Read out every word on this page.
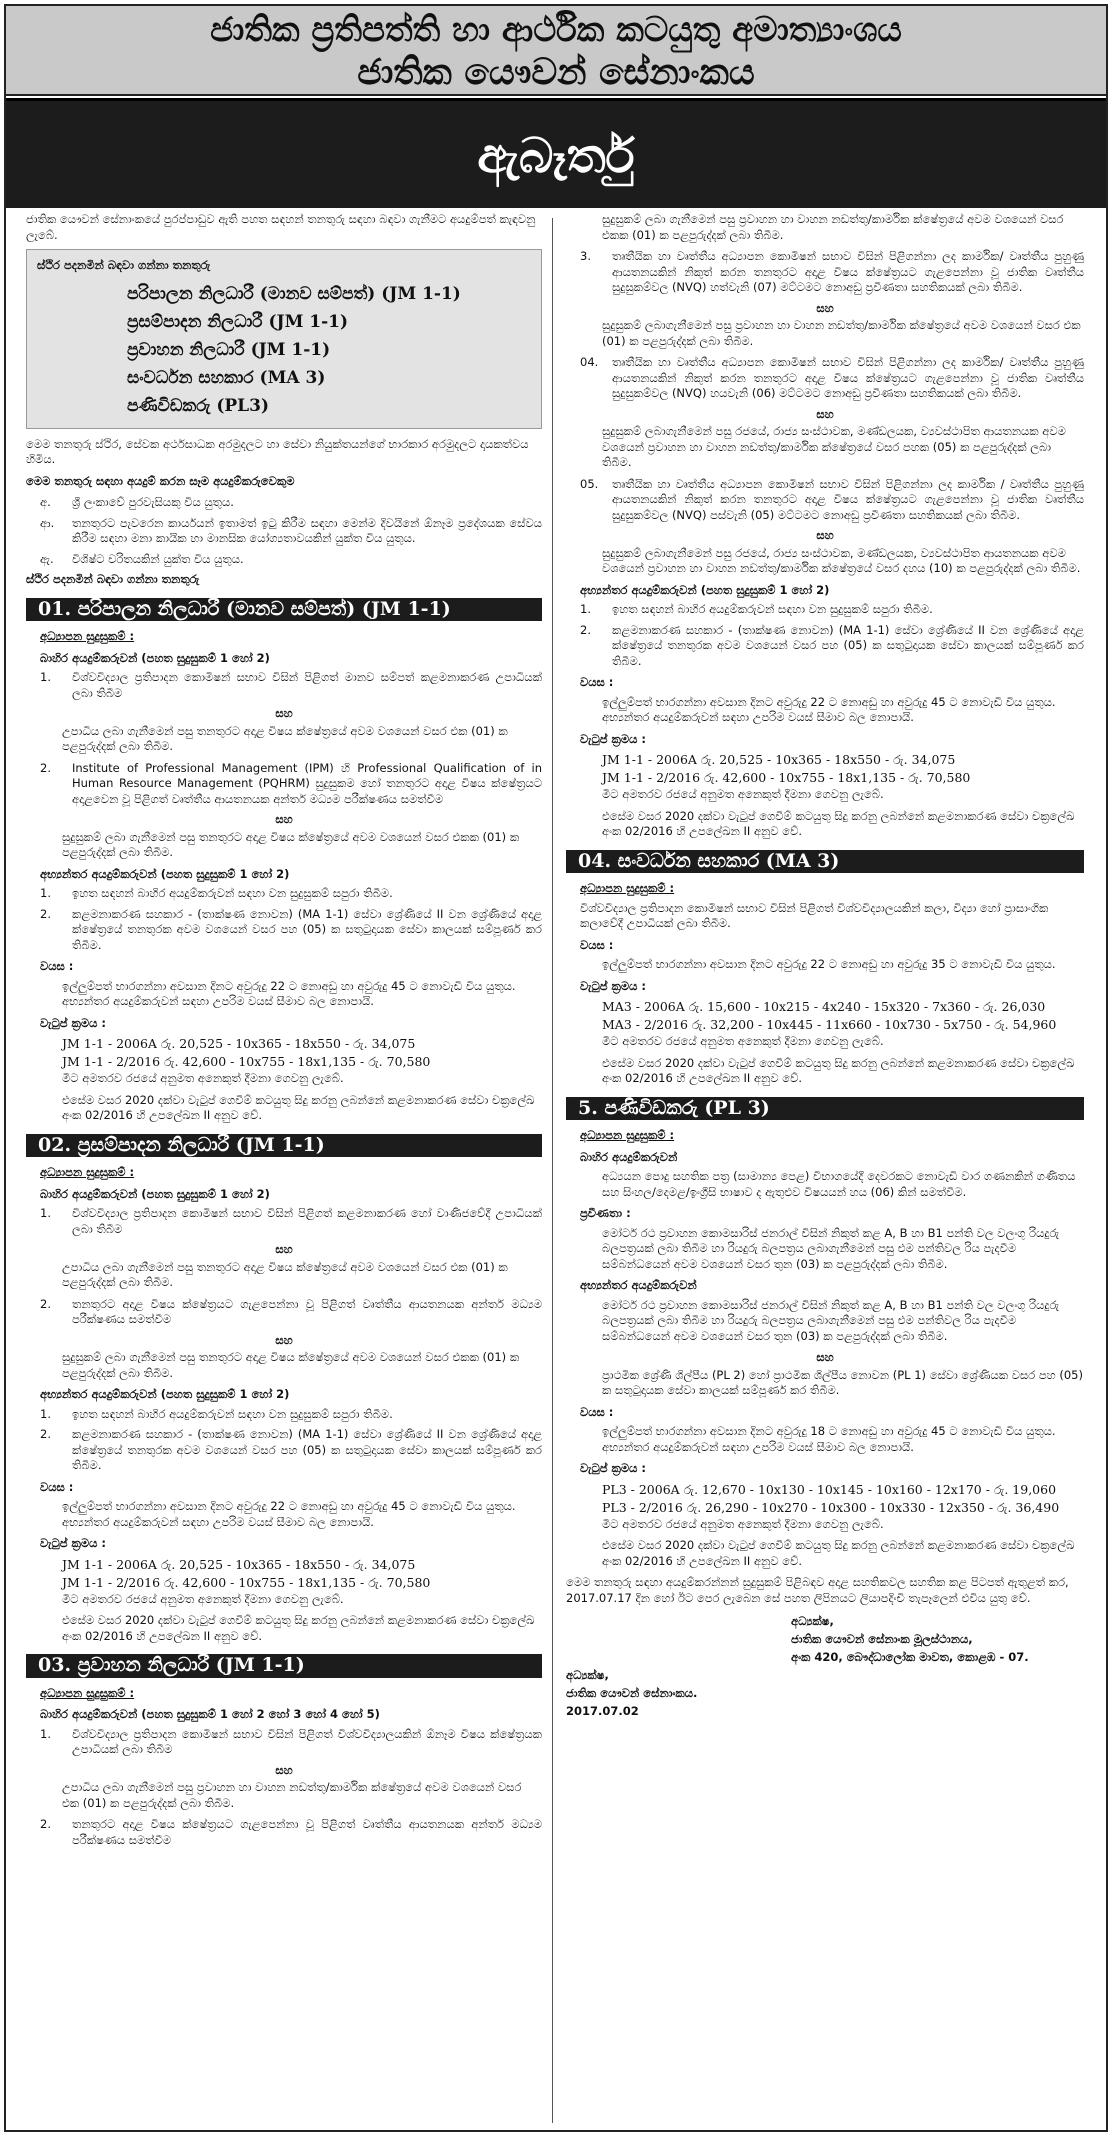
ජාතික ප්‍රතිපත්ති හා ආර්ථික කටයුතු අමාත්‍යාංශය
ජාතික යෞවන් සේනාංකය
ඇබෑර්තු

ජාතික යෞවන් සේනාංකයේ පුරප්පාඩුව ඇති පහත සඳහන් තනතුරු සඳහා බඳවා ගැනීමට අයදුම්පත් කැඳවනු ලැබේ.

ස්ථිර පදනමින් බඳවා ගන්නා තනතුරු
පරිපාලන නිලධාරී (මානව සම්පත්) (JM 1-1)
ප්‍රසම්පාදන නිලධාරී (JM 1-1)
ප්‍රවාහන නිලධාරී (JM 1-1)
සංවර්ධන සහකාර (MA 3)
පණිවිඩකරු (PL3)

මෙම තනතුරු ස්ථිර, සේවක අර්ථසාධක අරමුදලට හා සේවා නියුක්තයන්ගේ භාරකාර අරමුදලට දායකත්වය හිමිය.

මෙම තනතුරු සඳහා අයදුම් කරන සෑම අයදුම්කරුවෙකුම

අ.	ශ්‍රී ලංකාවේ පුරවැසියකු විය යුතුය.
ආ.	තනතුරට පැවරෙන කාර්යයන් ඉතාමත් ඉටු කිරීම සඳහා මෙන්ම දිවයිනේ ඕනෑම ප්‍රදේශයක සේවය කිරීම සඳහා මනා කායික හා මානසික යෝග්‍යතාවයකින් යුක්ත විය යුතුය.
ඇ.	විශිෂ්ට චරිතයකින් යුක්ත විය යුතුය.

ස්ථිර පදනමින් බඳවා ගන්නා තනතුරු

01. පරිපාලන නිලධාරී (මානව සම්පත්) (JM 1-1)
අධ්‍යාපන සුදුසුකම් :
බාහිර අයදුම්කරුවන් (පහත සුදුසුකම් 1 හෝ 2)
1.	විශ්වවිද්‍යාල ප්‍රතිපාදන කොමිෂන් සභාව විසින් පිළිගත් මානව සම්පත් කළමනාකරණ උපාධියක් ලබා තිබීම
සහ

උපාධිය ලබා ගැනීමෙන් පසු තනතුරට අදාළ විෂය ක්ෂේත්‍රයේ අවම වශයෙන් වසර එක (01) ක පළපුරුද්දක් ලබා තිබීම.

2.	Institute of Professional Management (IPM) හි Professional Qualification of in Human Resource Management (PQHRM) සුදුසුකම හෝ තනතුරට අදාළ විෂය ක්ෂේත්‍රයට අදාළවෙන වූ පිළිගත් වෘත්තීය ආයතනයක අන්තර් මධ්‍යම පරීක්ෂණය සමත්වීම
සහ

සුදුසුකම් ලබා ගැනීමෙන් පසු තනතුරට අදාළ විෂය ක්ෂේත්‍රයේ අවම වශයෙන් වසර එකක (01) ක පළපුරුද්දක් ලබා තිබීම.

අභ්‍යන්තර අයදුම්කරුවන් (පහත සුදුසුකම් 1 හෝ 2)
1.	ඉහත සඳහන් බාහිර අයදුම්කරුවන් සඳහා වන සුදුසුකම් සපුරා තිබීම.
2.	කළමනාකරණ සහකාර - (තාක්ෂණ නොවන) (MA 1-1) සේවා ශ්‍රේණියේ II වන ශ්‍රේණියේ අදාළ ක්ෂේත්‍රයේ තනතුරක අවම වශයෙන් වසර පහ (05) ක සතුටුදායක සේවා කාලයක් සම්පූර්ණ කර තිබීම.
වයස :

ඉල්ලුම්පත් භාරගන්නා අවසාන දිනට අවුරුදු 22 ට නොඅඩු හා අවුරුදු 45 ට නොවැඩි විය යුතුය. අභ්‍යන්තර අයදුම්කරුවන් සඳහා උපරිම වයස් සීමාව බල නොපායි.

වැටුප් ක්‍රමය :
JM 1-1 - 2006A රු. 20,525 - 10x365 - 18x550 - රු. 34,075
JM 1-1 - 2/2016 රු. 42,600 - 10x755 - 18x1,135 - රු. 70,580

මීට අමතරව රජයේ අනුමත අනෙකුත් දීමනා ගෙවනු ලැබේ.

එසේම වසර 2020 දක්වා වැටුප් ගෙවීම් කටයුතු සිදු කරනු ලබන්නේ කළමනාකරණ සේවා චක්‍රලේඛ අංක 02/2016 හි උපලේඛන II අනුව වේ.

02. ප්‍රසම්පාදන නිලධාරී (JM 1-1)
අධ්‍යාපන සුදුසුකම් :
බාහිර අයදුම්කරුවන් (පහත සුදුසුකම් 1 හෝ 2)
1.	විශ්වවිද්‍යාල ප්‍රතිපාදන කොමිෂන් සභාව විසින් පිළිගත් කළමනාකරණ හෝ වාණිජවේදී උපාධියක් ලබා තිබීම
සහ

උපාධිය ලබා ගැනීමෙන් පසු තනතුරට අදාළ විෂය ක්ෂේත්‍රයේ අවම වශයෙන් වසර එක (01) ක පළපුරුද්දක් ලබා තිබීම.

2.	තනතුරට අදාළ විෂය ක්ෂේත්‍රයට ගැළපෙන්නා වූ පිළිගත් වෘත්තීය ආයතනයක අන්තර් මධ්‍යම පරීක්ෂණය සමත්වීම
සහ

සුදුසුකම් ලබා ගැනීමෙන් පසු තනතුරට අදාළ විෂය ක්ෂේත්‍රයේ අවම වශයෙන් වසර එකක (01) ක පළපුරුද්දක් ලබා තිබීම.

අභ්‍යන්තර අයදුම්කරුවන් (පහත සුදුසුකම් 1 හෝ 2)
1.	ඉහත සඳහන් බාහිර අයදුම්කරුවන් සඳහා වන සුදුසුකම් සපුරා තිබීම.
2.	කළමනාකරණ සහකාර - (තාක්ෂණ නොවන) (MA 1-1) සේවා ශ්‍රේණියේ II වන ශ්‍රේණියේ අදාළ ක්ෂේත්‍රයේ තනතුරක අවම වශයෙන් වසර පහ (05) ක සතුටුදායක සේවා කාලයක් සම්පූර්ණ කර තිබීම.
වයස :

ඉල්ලුම්පත් භාරගන්නා අවසාන දිනට අවුරුදු 22 ට නොඅඩු හා අවුරුදු 45 ට නොවැඩි විය යුතුය. අභ්‍යන්තර අයදුම්කරුවන් සඳහා උපරිම වයස් සීමාව බල නොපායි.

වැටුප් ක්‍රමය :
JM 1-1 - 2006A රු. 20,525 - 10x365 - 18x550 - රු. 34,075
JM 1-1 - 2/2016 රු. 42,600 - 10x755 - 18x1,135 - රු. 70,580

මීට අමතරව රජයේ අනුමත අනෙකුත් දීමනා ගෙවනු ලැබේ.

එසේම වසර 2020 දක්වා වැටුප් ගෙවීම් කටයුතු සිදු කරනු ලබන්නේ කළමනාකරණ සේවා චක්‍රලේඛ අංක 02/2016 හි උපලේඛන II අනුව වේ.

03. ප්‍රවාහන නිලධාරී (JM 1-1)
අධ්‍යාපන සුදුසුකම් :
බාහිර අයදුම්කරුවන් (පහත සුදුසුකම් 1 හෝ 2 හෝ 3 හෝ 4 හෝ 5)
1.	විශ්වවිද්‍යාල ප්‍රතිපාදන කොමිෂන් සභාව විසින් පිළිගත් විශ්වවිද්‍යාලයකින් ඕනෑම විෂය ක්ෂේත්‍රයක උපාධියක් ලබා තිබීම
සහ

උපාධිය ලබා ගැනීමෙන් පසු ප්‍රවාහන හා වාහන නඩත්තු/කාර්මික ක්ෂේත්‍රයේ අවම වශයෙන් වසර එක (01) ක පළපුරුද්දක් ලබා තිබීම.

2.	තනතුරට අදාළ විෂය ක්ෂේත්‍රයට ගැළපෙන්නා වූ පිළිගත් වෘත්තීය ආයතනයක අන්තර් මධ්‍යම පරීක්ෂණය සමත්වීම

සුදුසුකම් ලබා ගැනීමෙන් පසු ප්‍රවාහන හා වාහන නඩත්තු/කාර්මික ක්ෂේත්‍රයේ අවම වශයෙන් වසර එකක (01) ක පළපුරුද්දක් ලබා තිබීම.

3.	තෘතීයික හා වෘත්තීය අධ්‍යාපන කොමිෂන් සභාව විසින් පිළිගන්නා ලද කාර්මික/ වෘත්තීය පුහුණු ආයතනයකින් නිකුත් කරන තනතුරට අදාළ විෂය ක්ෂේත්‍රයට ගැළපෙන්නා වූ ජාතික වෘත්තීය සුදුසුකම්වල (NVQ) හත්වැනි (07) මට්ටමට නොඅඩු ප්‍රවීණතා සහතිකයක් ලබා තිබීම.
සහ

සුදුසුකම් ලබාගැනීමෙන් පසු ප්‍රවාහන හා වාහන නඩත්තු/කාර්මික ක්ෂේත්‍රයේ අවම වශයෙන් වසර එක (01) ක පළපුරුද්දක් ලබා තිබීම.

04.	තෘතීයික හා වෘත්තීය අධ්‍යාපන කොමිෂන් සභාව විසින් පිළිගන්නා ලද කාර්මික/ වෘත්තීය පුහුණු ආයතනයකින් නිකුත් කරන තනතුරට අදාළ විෂය ක්ෂේත්‍රයට ගැළපෙන්නා වූ ජාතික වෘත්තීය සුදුසුකම්වල (NVQ) හයවැනි (06) මට්ටමට නොඅඩු ප්‍රවීණතා සහතිකයක් ලබා තිබීම.
සහ

සුදුසුකම් ලබාගැනීමෙන් පසු රජයේ, රාජ්‍ය සංස්ථාවක, මණ්ඩලයක, ව්‍යවස්ථාපිත ආයතනයක අවම වශයෙන් ප්‍රවාහන හා වාහන නඩත්තු/කාර්මික ක්ෂේත්‍රයේ වසර පහක (05) ක පළපුරුද්දක් ලබා තිබීම.

05.	තෘතීයික හා වෘත්තීය අධ්‍යාපන කොමිෂන් සභාව විසින් පිළිගන්නා ලද කාර්මික / වෘත්තීය පුහුණු ආයතනයකින් නිකුත් කරන තනතුරට අදාළ විෂය ක්ෂේත්‍රයට ගැළපෙන්නා වූ ජාතික වෘත්තීය සුදුසුකම්වල (NVQ) පස්වැනි (05) මට්ටමට නොඅඩු ප්‍රවීණතා සහතිකයක් ලබා තිබීම.
සහ

සුදුසුකම් ලබාගැනීමෙන් පසු රජයේ, රාජ්‍ය සංස්ථාවක, මණ්ඩලයක, ව්‍යවස්ථාපිත ආයතනයක අවම වශයෙන් ප්‍රවාහන හා වාහන නඩත්තු/කාර්මික ක්ෂේත්‍රයේ වසර දහය (10) ක පළපුරුද්දක් ලබා තිබීම.

අභ්‍යන්තර අයදුම්කරුවන් (පහත සුදුසුකම් 1 හෝ 2)
1.	ඉහත සඳහන් බාහිර අයදුම්කරුවන් සඳහා වන සුදුසුකම් සපුරා තිබීම.
2.	කළමනාකරණ සහකාර - (තාක්ෂණ නොවන) (MA 1-1) සේවා ශ්‍රේණියේ II වන ශ්‍රේණියේ අදාළ ක්ෂේත්‍රයේ තනතුරක අවම වශයෙන් වසර පහ (05) ක සතුටුදායක සේවා කාලයක් සම්පූර්ණ කර තිබීම.
වයස :

ඉල්ලුම්පත් භාරගන්නා අවසාන දිනට අවුරුදු 22 ට නොඅඩු හා අවුරුදු 45 ට නොවැඩි විය යුතුය. අභ්‍යන්තර අයදුම්කරුවන් සඳහා උපරිම වයස් සීමාව බල නොපායි.

වැටුප් ක්‍රමය :
JM 1-1 - 2006A රු. 20,525 - 10x365 - 18x550 - රු. 34,075
JM 1-1 - 2/2016 රු. 42,600 - 10x755 - 18x1,135 - රු. 70,580

මීට අමතරව රජයේ අනුමත අනෙකුත් දීමනා ගෙවනු ලැබේ.

එසේම වසර 2020 දක්වා වැටුප් ගෙවීම් කටයුතු සිදු කරනු ලබන්නේ කළමනාකරණ සේවා චක්‍රලේඛ අංක 02/2016 හි උපලේඛන II අනුව වේ.

04. සංවර්ධන සහකාර (MA 3)
අධ්‍යාපන සුදුසුකම් :

විශ්වවිද්‍යාල ප්‍රතිපාදන කොමිෂන් සභාව විසින් පිළිගත් විශ්වවිද්‍යාලයකින් කලා, විද්‍යා හෝ ප්‍රාසාංගික කලාවේදී උපාධියක් ලබා තිබීම.

වයස :

ඉල්ලුම්පත් භාරගන්නා අවසාන දිනට අවුරුදු 22 ට නොඅඩු හා අවුරුදු 35 ට නොවැඩි විය යුතුය.

වැටුප් ක්‍රමය :
MA3 - 2006A රු. 15,600 - 10x215 - 4x240 - 15x320 - 7x360 - රු. 26,030
MA3 - 2/2016 රු. 32,200 - 10x445 - 11x660 - 10x730 - 5x750 - රු. 54,960

මීට අමතරව රජයේ අනුමත අනෙකුත් දීමනා ගෙවනු ලැබේ.

එසේම වසර 2020 දක්වා වැටුප් ගෙවීම් කටයුතු සිදු කරනු ලබන්නේ කළමනාකරණ සේවා චක්‍රලේඛ අංක 02/2016 හි උපලේඛන II අනුව වේ.

5. පණිවිඩකරු (PL 3)
අධ්‍යාපන සුදුසුකම් :
බාහිර අයදුම්කරුවන්

අධ්‍යයන පොදු සහතික පත්‍ර (සාමාන්‍ය පෙළ) විභාගයේදී දෙවරකට නොවැඩි වාර ගණනකින් ගණිතය සහ සිංහල/දෙමළ/ඉංග්‍රීසි භාෂාව ද ඇතුළුව විෂයයන් හය (06) කින් සමත්වීම.

ප්‍රවීණතා :

මෝටර් රථ ප්‍රවාහන කොමසාරිස් ජනරාල් විසින් නිකුත් කළ A, B හා B1 පන්ති වල වලංගු රියදුරු බලපත්‍රයක් ලබා තිබීම හා රියදුරු බලපත්‍රය ලබාගැනීමෙන් පසු එම පන්තිවල රිය පැදවීම සම්බන්ධයෙන් අවම වශයෙන් වසර තුන (03) ක පළපුරුද්දක් ලබා තිබීම.

අභ්‍යන්තර අයදුම්කරුවන්

මෝටර් රථ ප්‍රවාහන කොමසාරිස් ජනරාල් විසින් නිකුත් කළ A, B හා B1 පන්ති වල වලංගු රියදුරු බලපත්‍රයක් ලබා තිබීම හා රියදුරු බලපත්‍රය ලබාගැනීමෙන් පසු එම පන්තිවල රිය පැදවීම සම්බන්ධයෙන් අවම වශයෙන් වසර තුන (03) ක පළපුරුද්දක් ලබා තිබීම.

සහ

ප්‍රාථමික ශ්‍රේණි ශිල්පීය (PL 2) හෝ ප්‍රාථමික ශිල්පීය නොවන (PL 1) සේවා ශ්‍රේණියක වසර පහ (05) ක සතුටුදායක සේවා කාලයක් සම්පූර්ණ කර තිබීම.

වයස :

ඉල්ලුම්පත් භාරගන්නා අවසාන දිනට අවුරුදු 18 ට නොඅඩු හා අවුරුදු 45 ට නොවැඩි විය යුතුය. අභ්‍යන්තර අයදුම්කරුවන් සඳහා උපරිම වයස් සීමාව බල නොපායි.

වැටුප් ක්‍රමය :
PL3 - 2006A රු. 12,670 - 10x130 - 10x145 - 10x160 - 12x170 - රු. 19,060
PL3 - 2/2016 රු. 26,290 - 10x270 - 10x300 - 10x330 - 12x350 - රු. 36,490

මීට අමතරව රජයේ අනුමත අනෙකුත් දීමනා ගෙවනු ලැබේ.

එසේම වසර 2020 දක්වා වැටුප් ගෙවීම් කටයුතු සිදු කරනු ලබන්නේ කළමනාකරණ සේවා චක්‍රලේඛ අංක 02/2016 හි උපලේඛන II අනුව වේ.

මෙම තනතුරු සඳහා අයදුම්කරන්නන් සුදුසුකම් පිළිබඳව අදාළ සහතිකවල සහතික කළ පිටපත් ඇතුළත් කර, 2017.07.17 දින හෝ ඊට පෙර ලැබෙන සේ පහත ලිපිනයට ලියාපදිංචි තැපෑලෙන් එවිය යුතු වේ.

අධ්‍යක්ෂ,
ජාතික යෞවන් සේනාංක මූලස්ථානය,
අංක 420, බෞද්ධාලෝක මාවත, කොළඹ - 07.
අධ්‍යක්ෂ,
ජාතික යෞවන් සේනාංකය.
2017.07.02
